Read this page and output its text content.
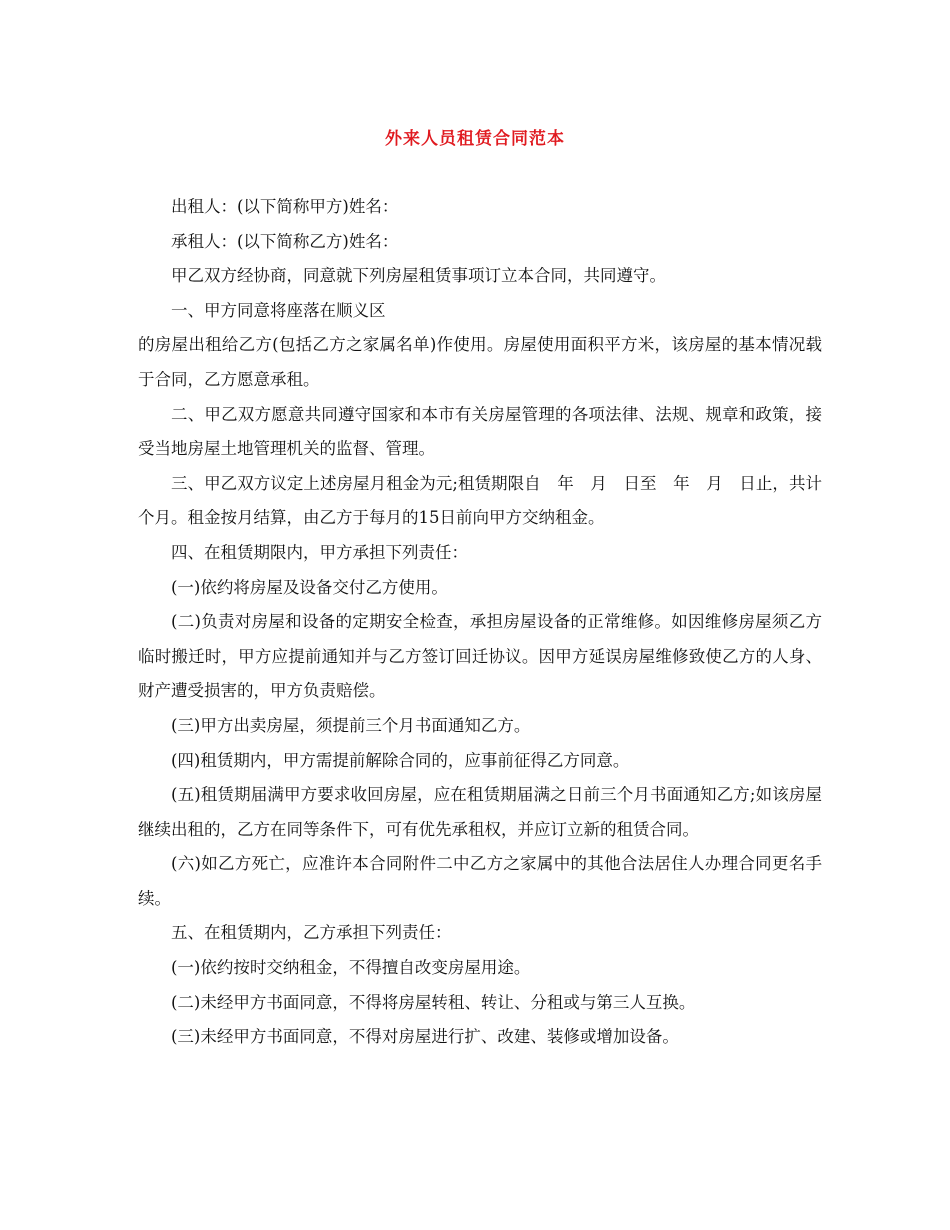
外来人员租赁合同范本

出租人：(以下简称甲方)姓名：

承租人：(以下简称乙方)姓名：

甲乙双方经协商，同意就下列房屋租赁事项订立本合同，共同遵守。

一、甲方同意将座落在顺义区

的房屋出租给乙方(包括乙方之家属名单)作使用。房屋使用面积平方米，该房屋的基本情况载于合同，乙方愿意承租。

二、甲乙双方愿意共同遵守国家和本市有关房屋管理的各项法律、法规、规章和政策，接受当地房屋土地管理机关的监督、管理。

三、甲乙双方议定上述房屋月租金为元;租赁期限自　年　月　日至　年　月　日止，共计　个月。租金按月结算，由乙方于每月的15日前向甲方交纳租金。

四、在租赁期限内，甲方承担下列责任：

(一)依约将房屋及设备交付乙方使用。

(二)负责对房屋和设备的定期安全检查，承担房屋设备的正常维修。如因维修房屋须乙方临时搬迁时，甲方应提前通知并与乙方签订回迁协议。因甲方延误房屋维修致使乙方的人身、财产遭受损害的，甲方负责赔偿。

(三)甲方出卖房屋，须提前三个月书面通知乙方。

(四)租赁期内，甲方需提前解除合同的，应事前征得乙方同意。

(五)租赁期届满甲方要求收回房屋，应在租赁期届满之日前三个月书面通知乙方;如该房屋继续出租的，乙方在同等条件下，可有优先承租权，并应订立新的租赁合同。

(六)如乙方死亡，应准许本合同附件二中乙方之家属中的其他合法居住人办理合同更名手续。

五、在租赁期内，乙方承担下列责任：

(一)依约按时交纳租金，不得擅自改变房屋用途。

(二)未经甲方书面同意，不得将房屋转租、转让、分租或与第三人互换。

(三)未经甲方书面同意，不得对房屋进行扩、改建、装修或增加设备。
